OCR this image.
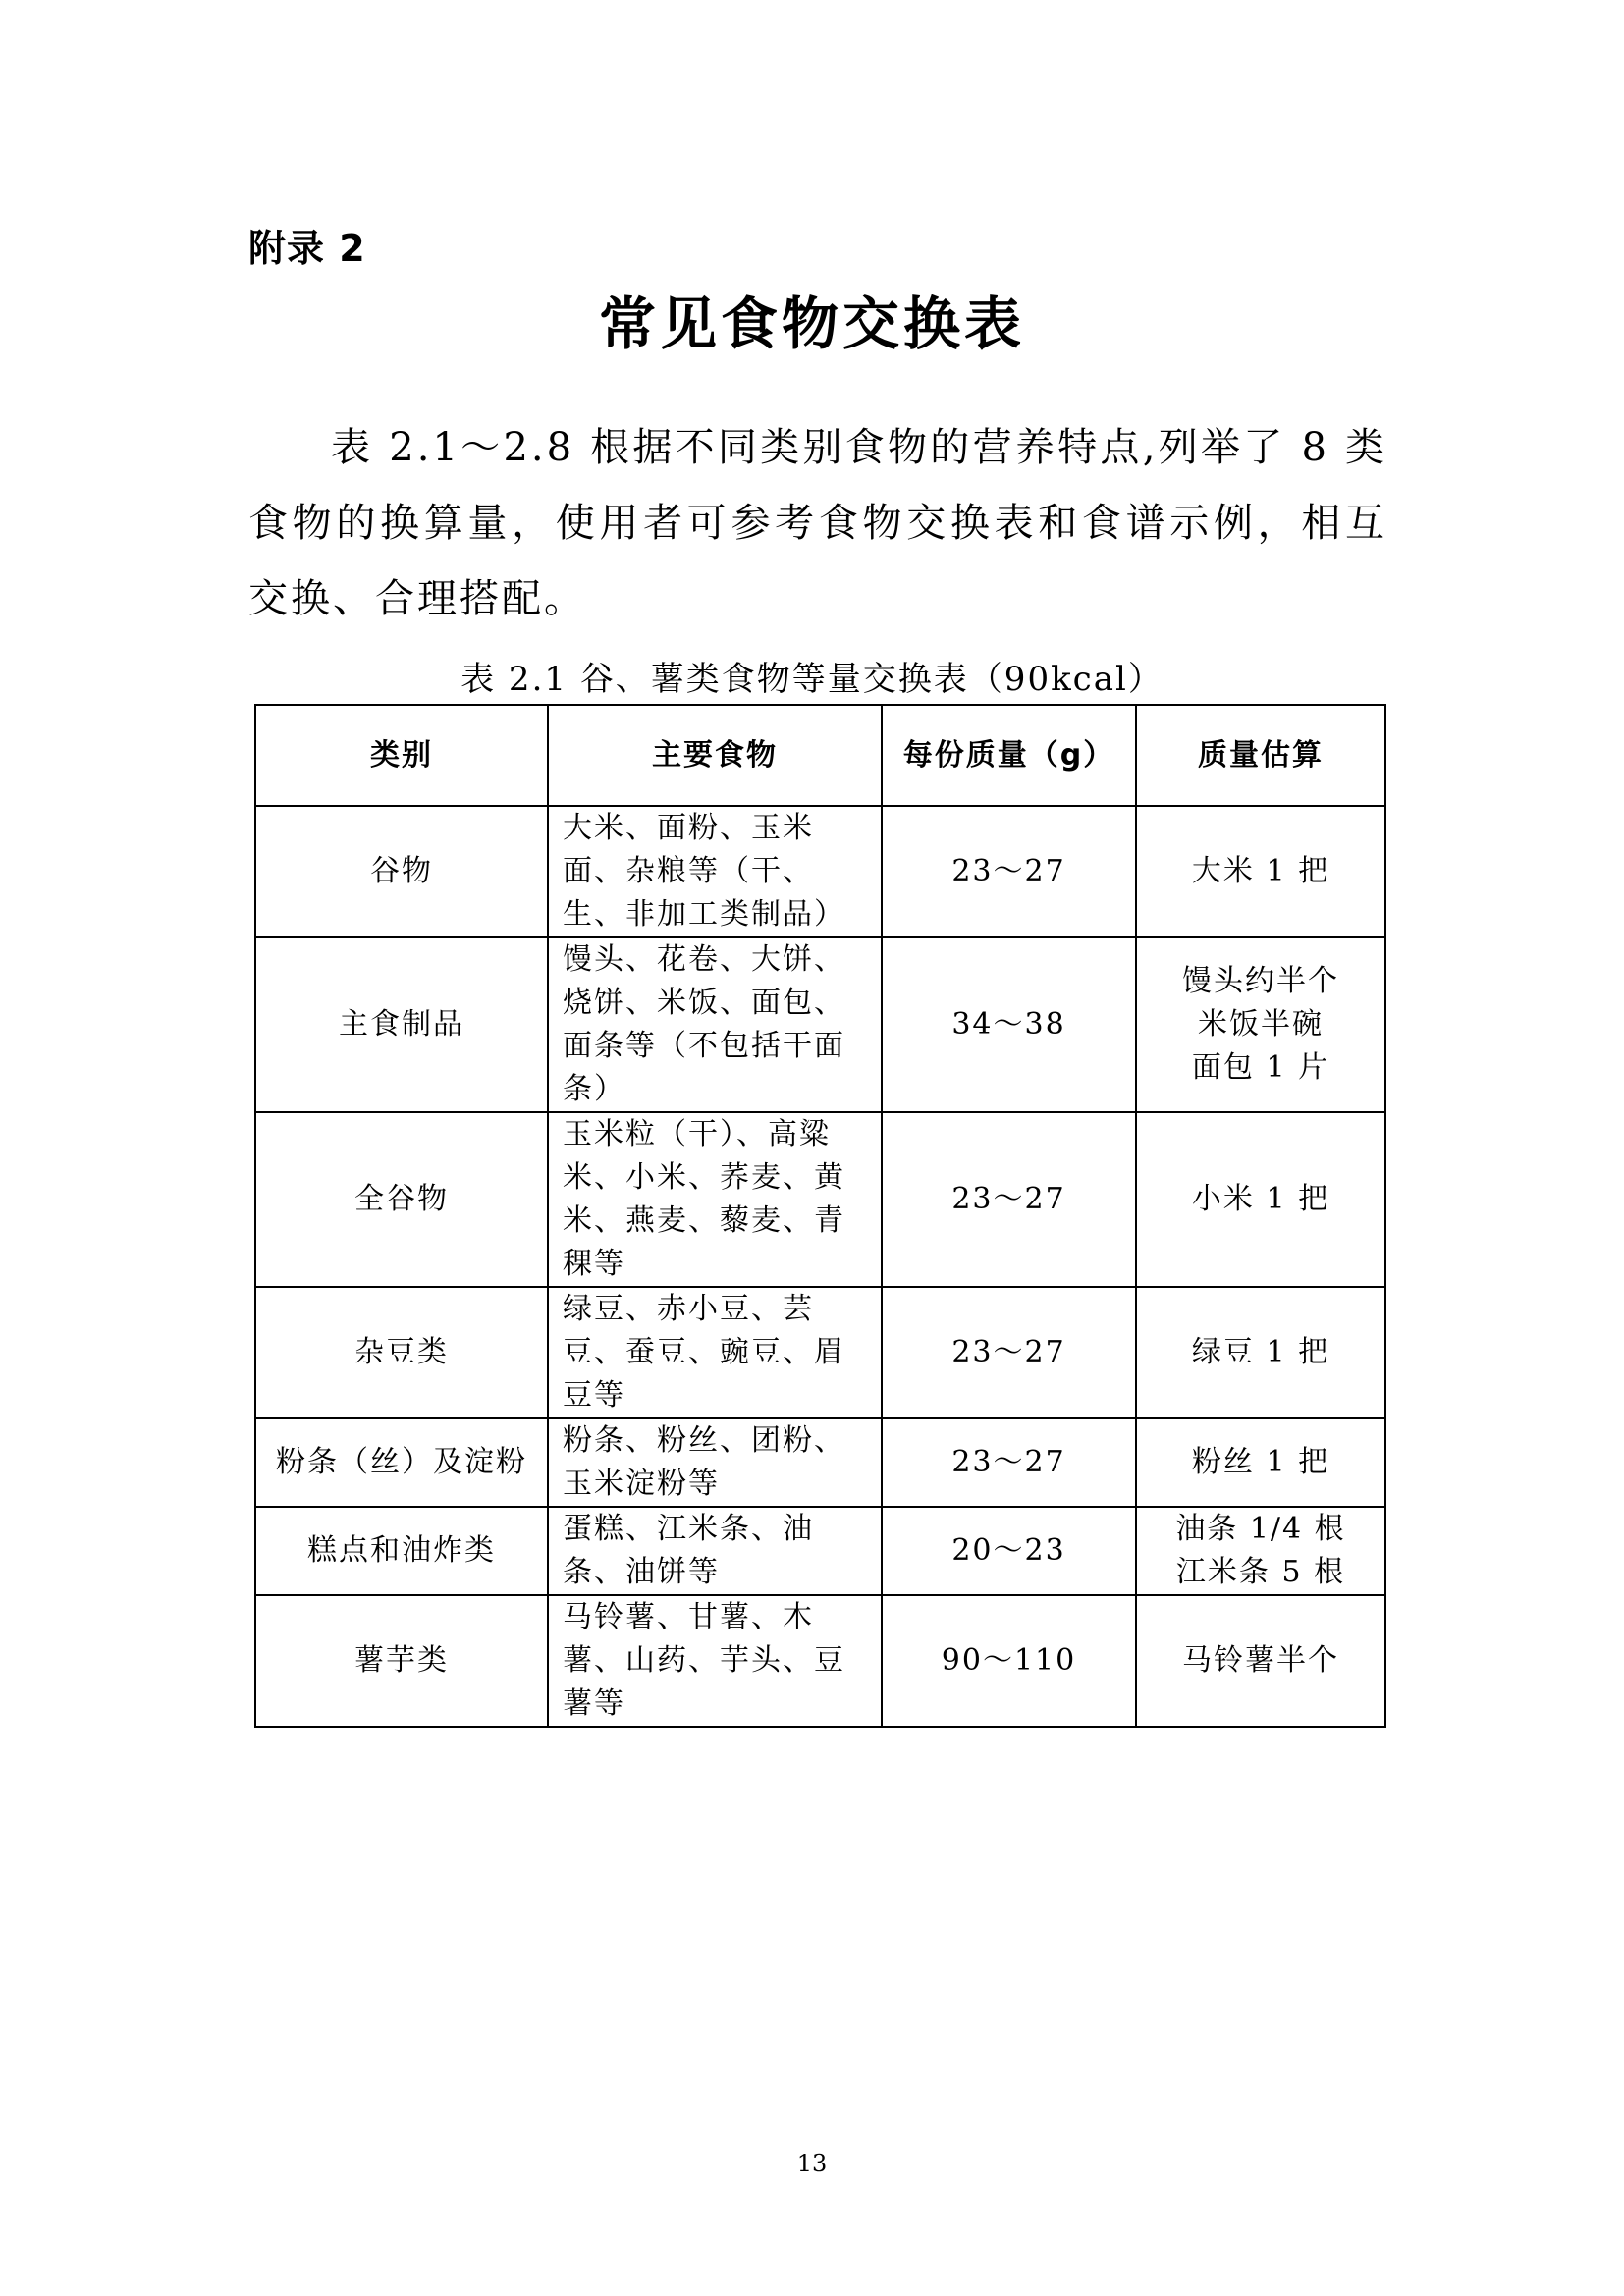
附录 2
常见食物交换表

表 2.1～2.8 根据不同类别食物的营养特点,列举了 8 类食物的换算量，使用者可参考食物交换表和食谱示例，相互交换、合理搭配。

表 2.1 谷、薯类食物等量交换表（90kcal）
类别	主要食物	每份质量（g）	质量估算
谷物	大米、面粉、玉米面、杂粮等（干、生、非加工类制品）	23～27	大米 1 把

主食制品	馒头、花卷、大饼、烧饼、米饭、面包、面条等（不包括干面条）	34～38	馒头约半个
米饭半碗
面包 1 片

全谷物	玉米粒（干）、高粱米、小米、荞麦、黄米、燕麦、藜麦、青稞等	23～27	小米 1 把

杂豆类	绿豆、赤小豆、芸豆、蚕豆、豌豆、眉豆等	23～27	绿豆 1 把

粉条（丝）及淀粉	粉条、粉丝、团粉、玉米淀粉等	23～27	粉丝 1 把

糕点和油炸类	蛋糕、江米条、油条、油饼等	20～23	油条 1/4 根
江米条 5 根

薯芋类	马铃薯、甘薯、木薯、山药、芋头、豆薯等	90～110	马铃薯半个
13
